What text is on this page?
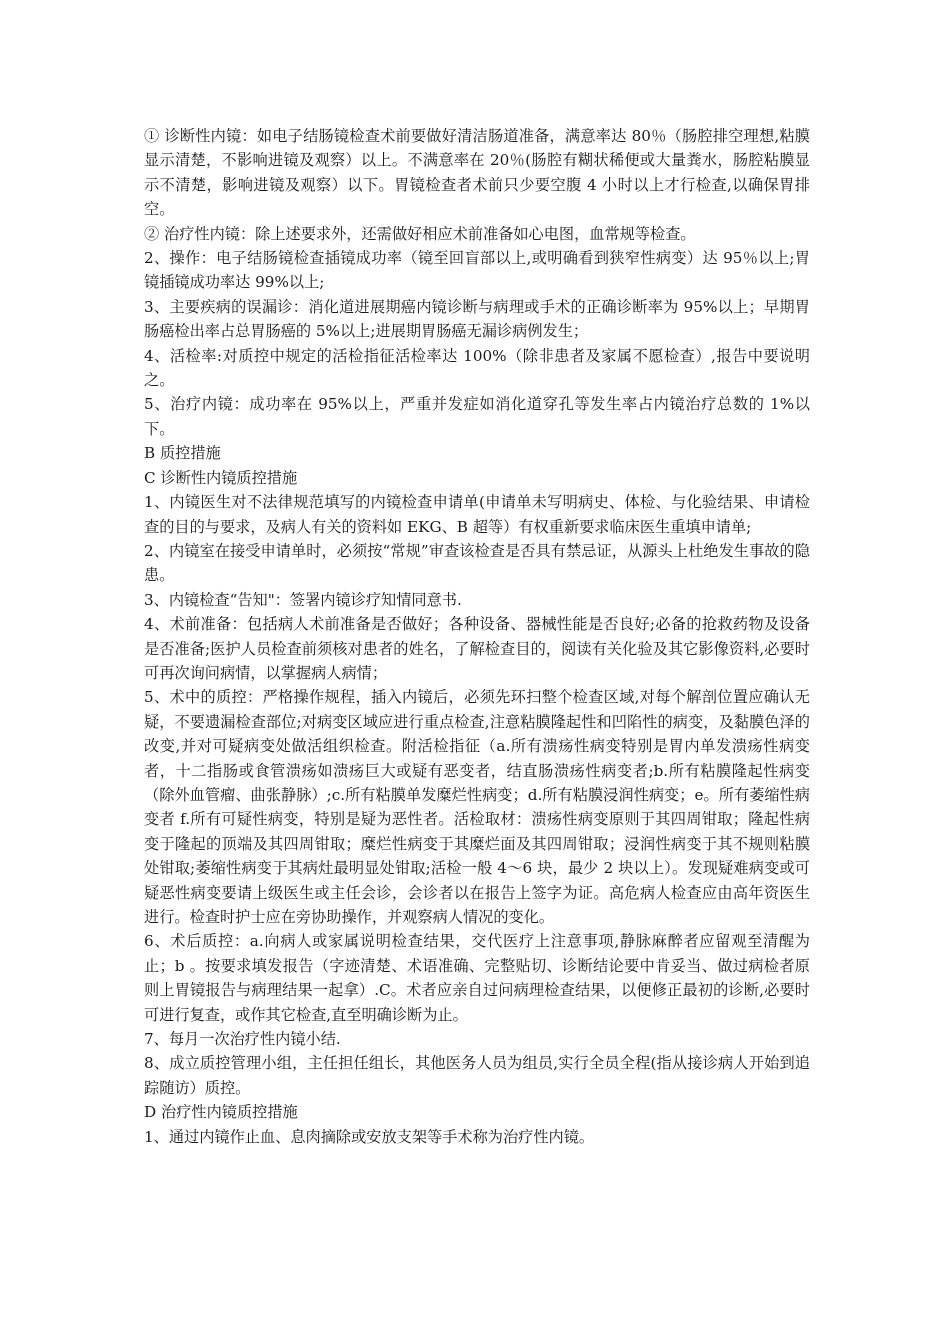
① 诊断性内镜：如电子结肠镜检查术前要做好清洁肠道准备，满意率达 80％（肠腔排空理想,粘膜显示清楚，不影响进镜及观察）以上。不满意率在 20％(肠腔有糊状稀便或大量粪水，肠腔粘膜显示不清楚，影响进镜及观察）以下。胃镜检查者术前只少要空腹 4 小时以上才行检查,以确保胃排空。

② 治疗性内镜：除上述要求外，还需做好相应术前准备如心电图，血常规等检查。

2、操作：电子结肠镜检查插镜成功率（镜至回盲部以上,或明确看到狭窄性病变）达 95％以上;胃镜插镜成功率达 99%以上;

3、主要疾病的误漏诊：消化道进展期癌内镜诊断与病理或手术的正确诊断率为 95%以上；早期胃肠癌检出率占总胃肠癌的 5%以上;进展期胃肠癌无漏诊病例发生；

4、活检率:对质控中规定的活检指征活检率达 100%（除非患者及家属不愿检查）,报告中要说明之。

5、治疗内镜：成功率在 95%以上，严重并发症如消化道穿孔等发生率占内镜治疗总数的 1%以下。

B 质控措施

C 诊断性内镜质控措施

1、内镜医生对不法律规范填写的内镜检查申请单(申请单未写明病史、体检、与化验结果、申请检查的目的与要求，及病人有关的资料如 EKG、B 超等）有权重新要求临床医生重填申请单;

2、内镜室在接受申请单时，必须按“常规”审查该检查是否具有禁忌证，从源头上杜绝发生事故的隐患。

3、内镜检查“告知"：签署内镜诊疗知情同意书.

4、术前准备：包括病人术前准备是否做好；各种设备、器械性能是否良好;必备的抢救药物及设备是否准备;医护人员检查前须核对患者的姓名，了解检查目的，阅读有关化验及其它影像资料,必要时可再次询问病情，以掌握病人病情；

5、术中的质控：严格操作规程，插入内镜后，必须先环扫整个检查区域,对每个解剖位置应确认无疑，不要遗漏检查部位;对病变区域应进行重点检查,注意粘膜隆起性和凹陷性的病变，及黏膜色泽的改变,并对可疑病变处做活组织检查。附活检指征（a.所有溃疡性病变特别是胃内单发溃疡性病变者，十二指肠或食管溃疡如溃疡巨大或疑有恶变者，结直肠溃疡性病变者;b.所有粘膜隆起性病变（除外血管瘤、曲张静脉）;c.所有粘膜单发糜烂性病变；d.所有粘膜浸润性病变；e。所有萎缩性病变者 f.所有可疑性病变，特别是疑为恶性者。活检取材：溃疡性病变原则于其四周钳取；隆起性病变于隆起的顶端及其四周钳取；糜烂性病变于其糜烂面及其四周钳取；浸润性病变于其不规则粘膜处钳取;萎缩性病变于其病灶最明显处钳取;活检一般 4～6 块，最少 2 块以上）。发现疑难病变或可疑恶性病变要请上级医生或主任会诊，会诊者以在报告上签字为证。高危病人检查应由高年资医生进行。检查时护士应在旁协助操作，并观察病人情况的变化。

6、术后质控：a.向病人或家属说明检查结果，交代医疗上注意事项,静脉麻醉者应留观至清醒为止；b 。按要求填发报告（字迹清楚、术语准确、完整贴切、诊断结论要中肯妥当、做过病检者原则上胃镜报告与病理结果一起拿）.C。术者应亲自过问病理检查结果，以便修正最初的诊断,必要时可进行复查，或作其它检查,直至明确诊断为止。

7、每月一次治疗性内镜小结.

8、成立质控管理小组，主任担任组长，其他医务人员为组员,实行全员全程(指从接诊病人开始到追踪随访）质控。

D 治疗性内镜质控措施

1、通过内镜作止血、息肉摘除或安放支架等手术称为治疗性内镜。
